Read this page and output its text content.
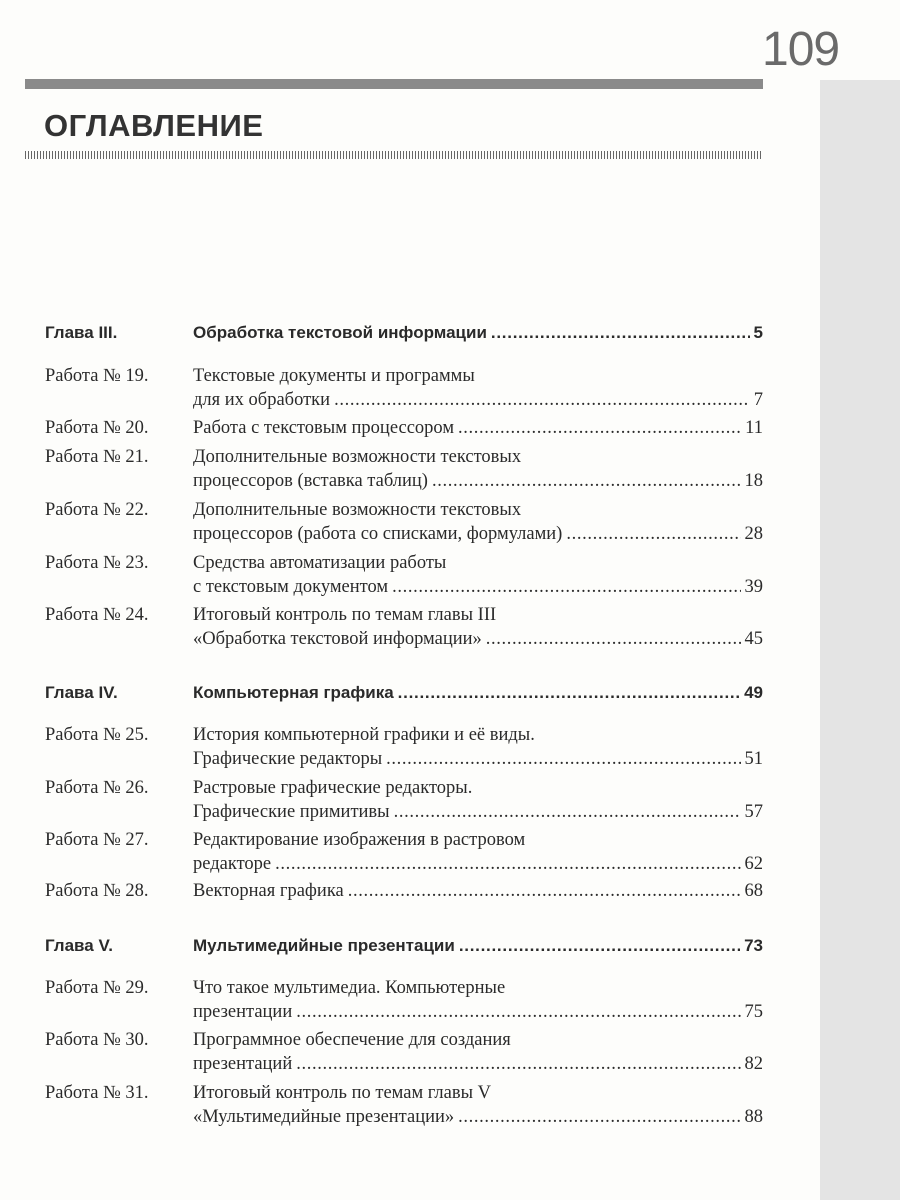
109
ОГЛАВЛЕНИЕ
Глава III.	Обработка текстовой информации . . .	5
Работа № 19. Текстовые документы и программы
для их обработки . . .	7
Работа № 20. Работа с текстовым процессором . . .	11
Работа № 21. Дополнительные возможности текстовых
процессоров (вставка таблиц) . . .	18
Работа № 22. Дополнительные возможности текстовых
процессоров (работа со списками, формулами) . . .	28
Работа № 23. Средства автоматизации работы
с текстовым документом . . .	39
Работа № 24. Итоговый контроль по темам главы III
«Обработка текстовой информации» . . .	45
Глава IV.	Компьютерная графика . . .	49
Работа № 25. История компьютерной графики и её виды.
Графические редакторы . . .	51
Работа № 26. Растровые графические редакторы.
Графические примитивы . . .	57
Работа № 27. Редактирование изображения в растровом
редакторе . . .	62
Работа № 28. Векторная графика . . .	68
Глава V.	Мультимедийные презентации . . .	73
Работа № 29. Что такое мультимедиа. Компьютерные
презентации . . .	75
Работа № 30. Программное обеспечение для создания
презентаций . . .	82
Работа № 31. Итоговый контроль по темам главы V
«Мультимедийные презентации» . . .	88
